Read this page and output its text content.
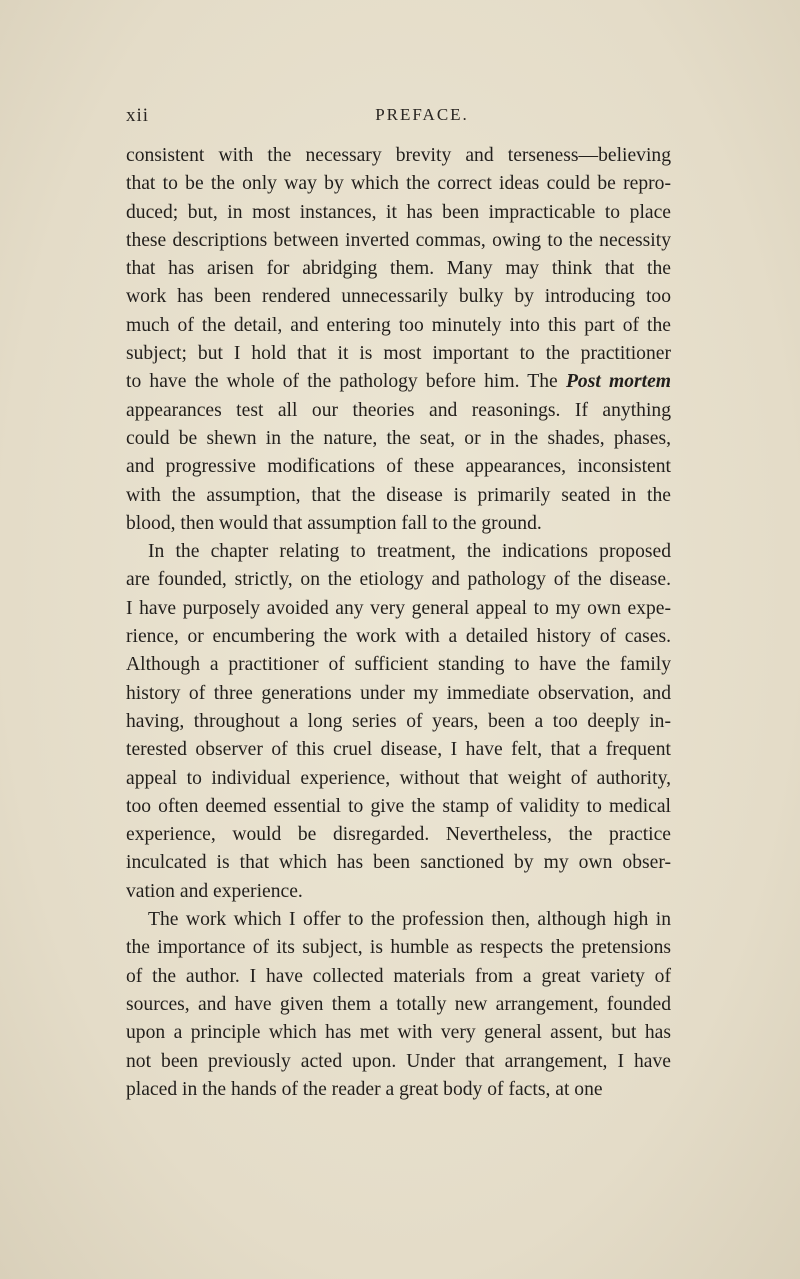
xii	PREFACE.
consistent with the necessary brevity and terseness—believing
that to be the only way by which the correct ideas could be repro-
duced; but, in most instances, it has been impracticable to place
these descriptions between inverted commas, owing to the necessity
that has arisen for abridging them. Many may think that the
work has been rendered unnecessarily bulky by introducing too
much of the detail, and entering too minutely into this part of the
subject; but I hold that it is most important to the practitioner
to have the whole of the pathology before him. The Post mortem
appearances test all our theories and reasonings. If anything
could be shewn in the nature, the seat, or in the shades, phases,
and progressive modifications of these appearances, inconsistent
with the assumption, that the disease is primarily seated in the
blood, then would that assumption fall to the ground.
In the chapter relating to treatment, the indications proposed
are founded, strictly, on the etiology and pathology of the disease.
I have purposely avoided any very general appeal to my own expe-
rience, or encumbering the work with a detailed history of cases.
Although a practitioner of sufficient standing to have the family
history of three generations under my immediate observation, and
having, throughout a long series of years, been a too deeply in-
terested observer of this cruel disease, I have felt, that a frequent
appeal to individual experience, without that weight of authority,
too often deemed essential to give the stamp of validity to medical
experience, would be disregarded. Nevertheless, the practice
inculcated is that which has been sanctioned by my own obser-
vation and experience.
The work which I offer to the profession then, although high in
the importance of its subject, is humble as respects the pretensions
of the author. I have collected materials from a great variety of
sources, and have given them a totally new arrangement, founded
upon a principle which has met with very general assent, but has
not been previously acted upon. Under that arrangement, I have
placed in the hands of the reader a great body of facts, at one
